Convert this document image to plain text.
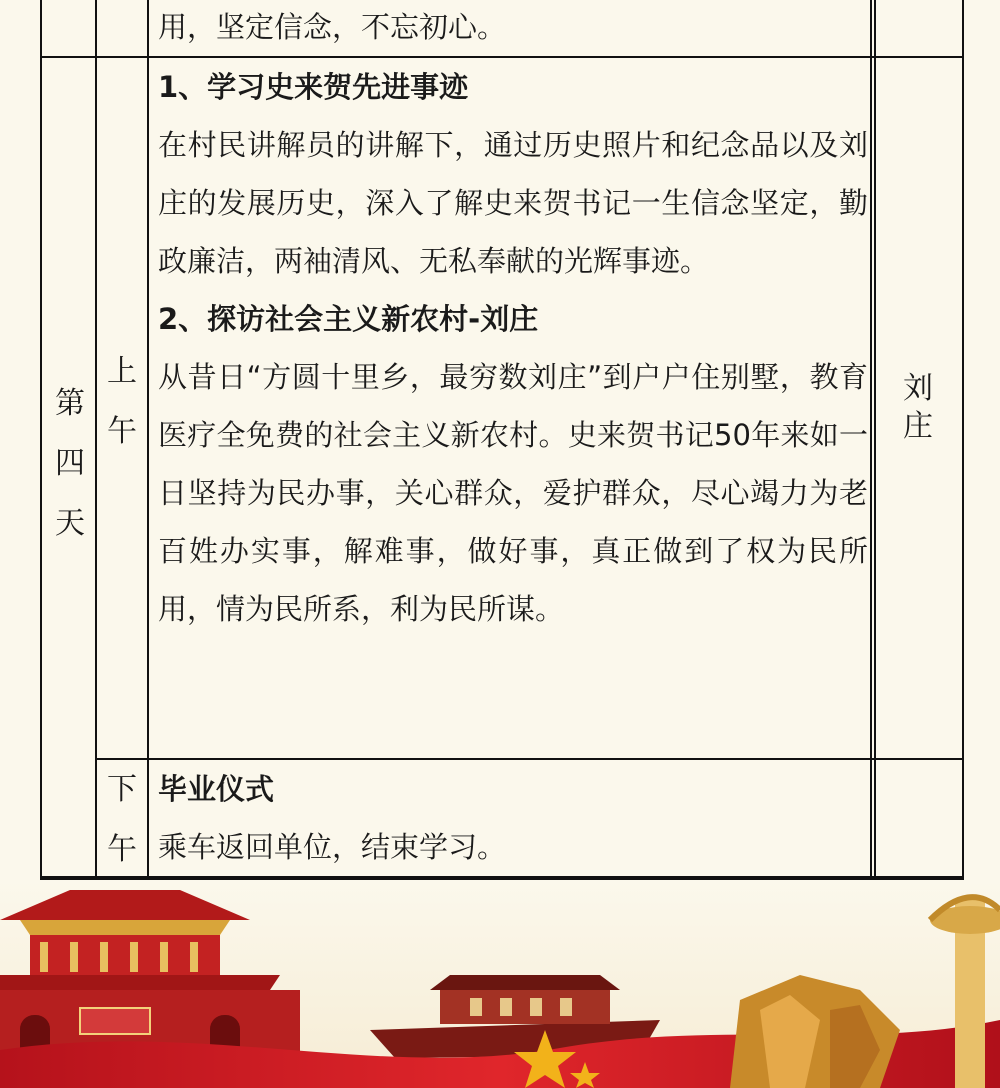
用，坚定信念，不忘初心。
第四天
上午

1、学习史来贺先进事迹

在村民讲解员的讲解下，通过历史照片和纪念品以及刘庄的发展历史，深入了解史来贺书记一生信念坚定，勤政廉洁，两袖清风、无私奉献的光辉事迹。

2、探访社会主义新农村-刘庄

从昔日“方圆十里乡，最穷数刘庄”到户户住别墅，教育医疗全免费的社会主义新农村。史来贺书记50年来如一日坚持为民办事，关心群众，爱护群众，尽心竭力为老百姓办实事，解难事，做好事，真正做到了权为民所用，情为民所系，利为民所谋。

刘庄
下午

毕业仪式

乘车返回单位，结束学习。
